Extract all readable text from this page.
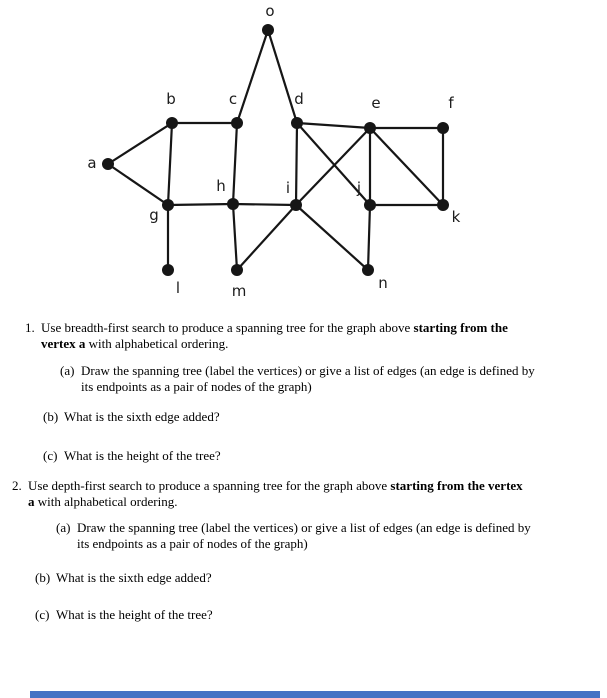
o
b	c	d	e	f
a
g
h	i	j
k
l	m	n
1. Use breadth-first search to produce a spanning tree for the graph above starting from the
vertex a with alphabetical ordering.
(a) Draw the spanning tree (label the vertices) or give a list of edges (an edge is defined by
its endpoints as a pair of nodes of the graph)
(b) What is the sixth edge added?
(c) What is the height of the tree?
2. Use depth-first search to produce a spanning tree for the graph above starting from the vertex
a with alphabetical ordering.
(a) Draw the spanning tree (label the vertices) or give a list of edges (an edge is defined by
its endpoints as a pair of nodes of the graph)
(b) What is the sixth edge added?
(c) What is the height of the tree?
